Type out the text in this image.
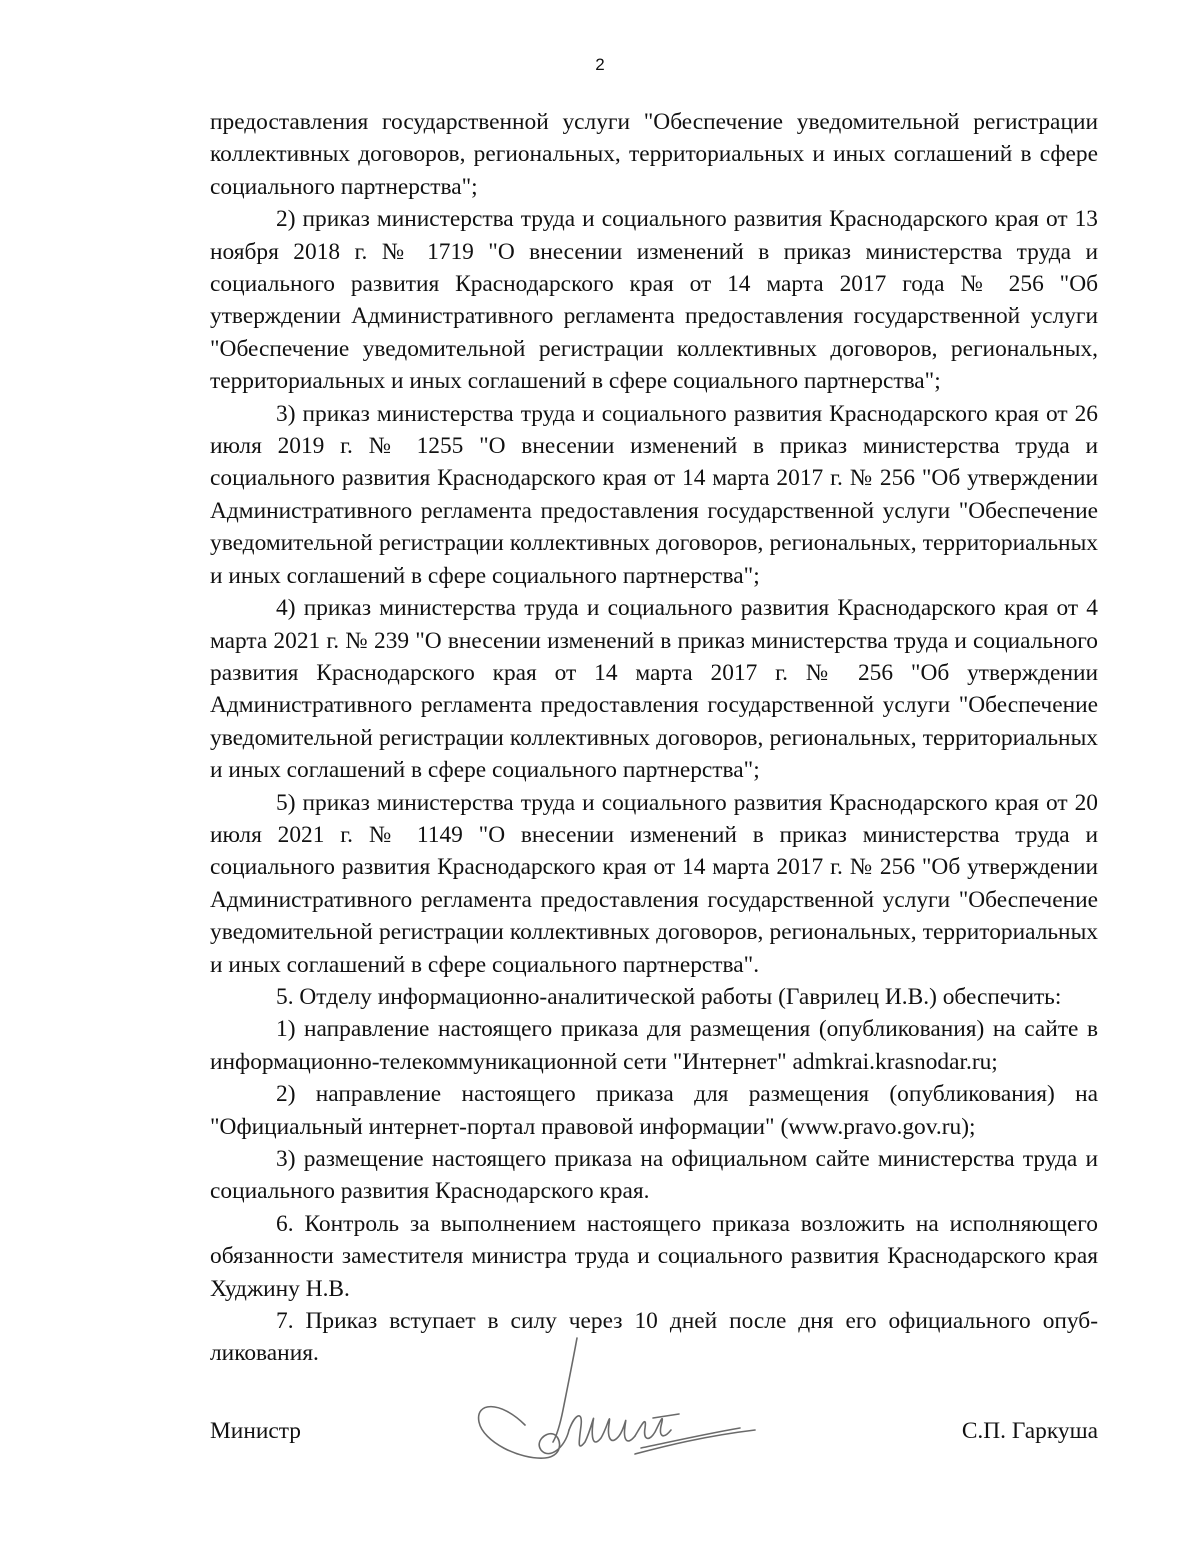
2

предоставления государственной услуги "Обеспечение уведомительной регистрации коллективных договоров, региональных, территориальных и иных соглашений в сфере социального партнерства";

2) приказ министерства труда и социального развития Краснодарского края от 13 ноября 2018 г. № 1719 "О внесении изменений в приказ министерства труда и социального развития Краснодарского края от 14 марта 2017 года № 256 "Об утверждении Административного регламента предоставления государственной услуги "Обеспечение уведомительной регистрации коллективных договоров, региональных, территориальных и иных соглашений в сфере социального партнерства";

3) приказ министерства труда и социального развития Краснодарского края от 26 июля 2019 г. № 1255 "О внесении изменений в приказ министерства труда и социального развития Краснодарского края от 14 марта 2017 г. № 256 "Об утверждении Административного регламента предоставления государственной услуги "Обеспечение уведомительной регистрации коллективных договоров, региональных, территориальных и иных соглашений в сфере социального партнерства";

4) приказ министерства труда и социального развития Краснодарского края от 4 марта 2021 г. № 239 "О внесении изменений в приказ министерства труда и социального развития Краснодарского края от 14 марта 2017 г. № 256 "Об утверждении Административного регламента предоставления государственной услуги "Обеспечение уведомительной регистрации коллективных договоров, региональных, территориальных и иных соглашений в сфере социального партнерства";

5) приказ министерства труда и социального развития Краснодарского края от 20 июля 2021 г. № 1149 "О внесении изменений в приказ министерства труда и социального развития Краснодарского края от 14 марта 2017 г. № 256 "Об утверждении Административного регламента предоставления государственной услуги "Обеспечение уведомительной регистрации коллективных договоров, региональных, территориальных и иных соглашений в сфере социального партнерства".

5. Отделу информационно-аналитической работы (Гаврилец И.В.) обеспечить:

1) направление настоящего приказа для размещения (опубликования) на сайте в информационно-телекоммуникационной сети "Интернет" admkrai.krasnodar.ru;

2) направление настоящего приказа для размещения (опубликования) на "Официальный интернет-портал правовой информации" (www.pravo.gov.ru);

3) размещение настоящего приказа на официальном сайте министерства труда и социального развития Краснодарского края.

6. Контроль за выполнением настоящего приказа возложить на исполняющего обязанности заместителя министра труда и социального развития Краснодарского края Худжину Н.В.

7. Приказ вступает в силу через 10 дней после дня его официального опубликования.

Министр	С.П. Гаркуша
